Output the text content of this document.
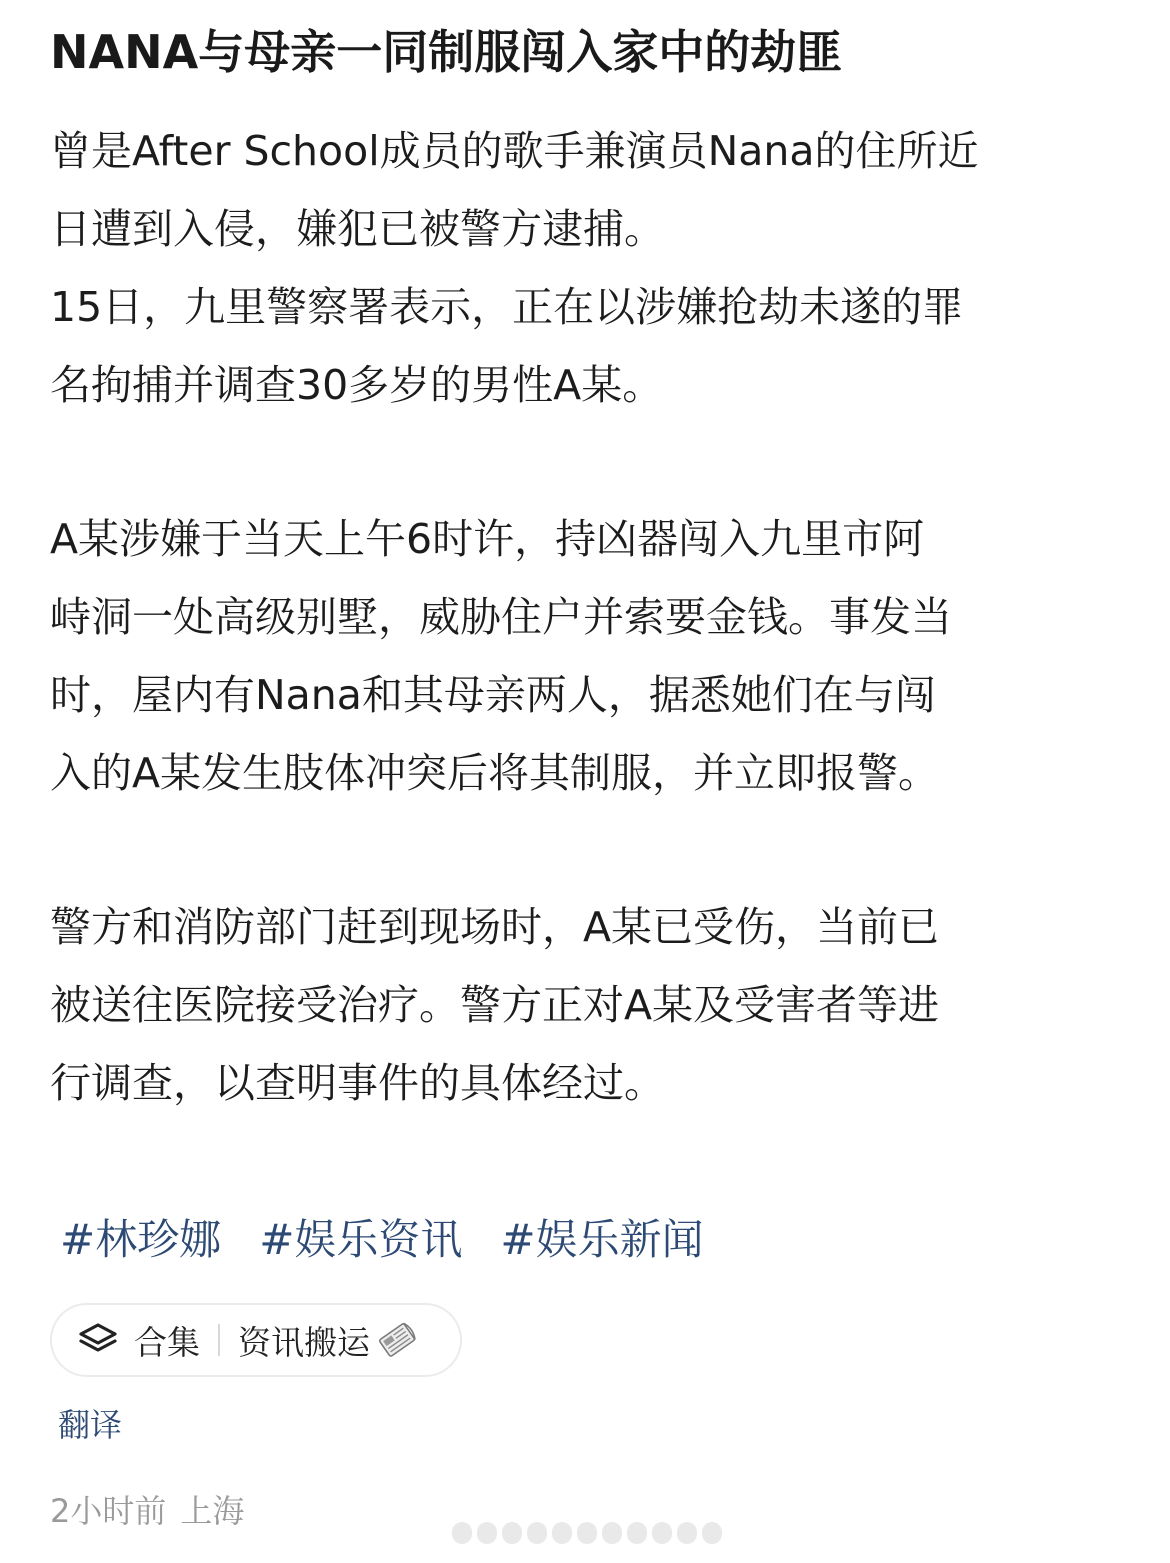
NANA与母亲一同制服闯入家中的劫匪
曾是After School成员的歌手兼演员Nana的住所近
日遭到入侵，嫌犯已被警方逮捕。
15日，九里警察署表示，正在以涉嫌抢劫未遂的罪
名拘捕并调查30多岁的男性A某。
A某涉嫌于当天上午6时许，持凶器闯入九里市阿
峙洞一处高级别墅，威胁住户并索要金钱。事发当
时，屋内有Nana和其母亲两人，据悉她们在与闯
入的A某发生肢体冲突后将其制服，并立即报警。
警方和消防部门赶到现场时，A某已受伤，当前已
被送往医院接受治疗。警方正对A某及受害者等进
行调查，以查明事件的具体经过。
#林珍娜 #娱乐资讯 #娱乐新闻
合集 资讯搬运
翻译
2小时前 上海
